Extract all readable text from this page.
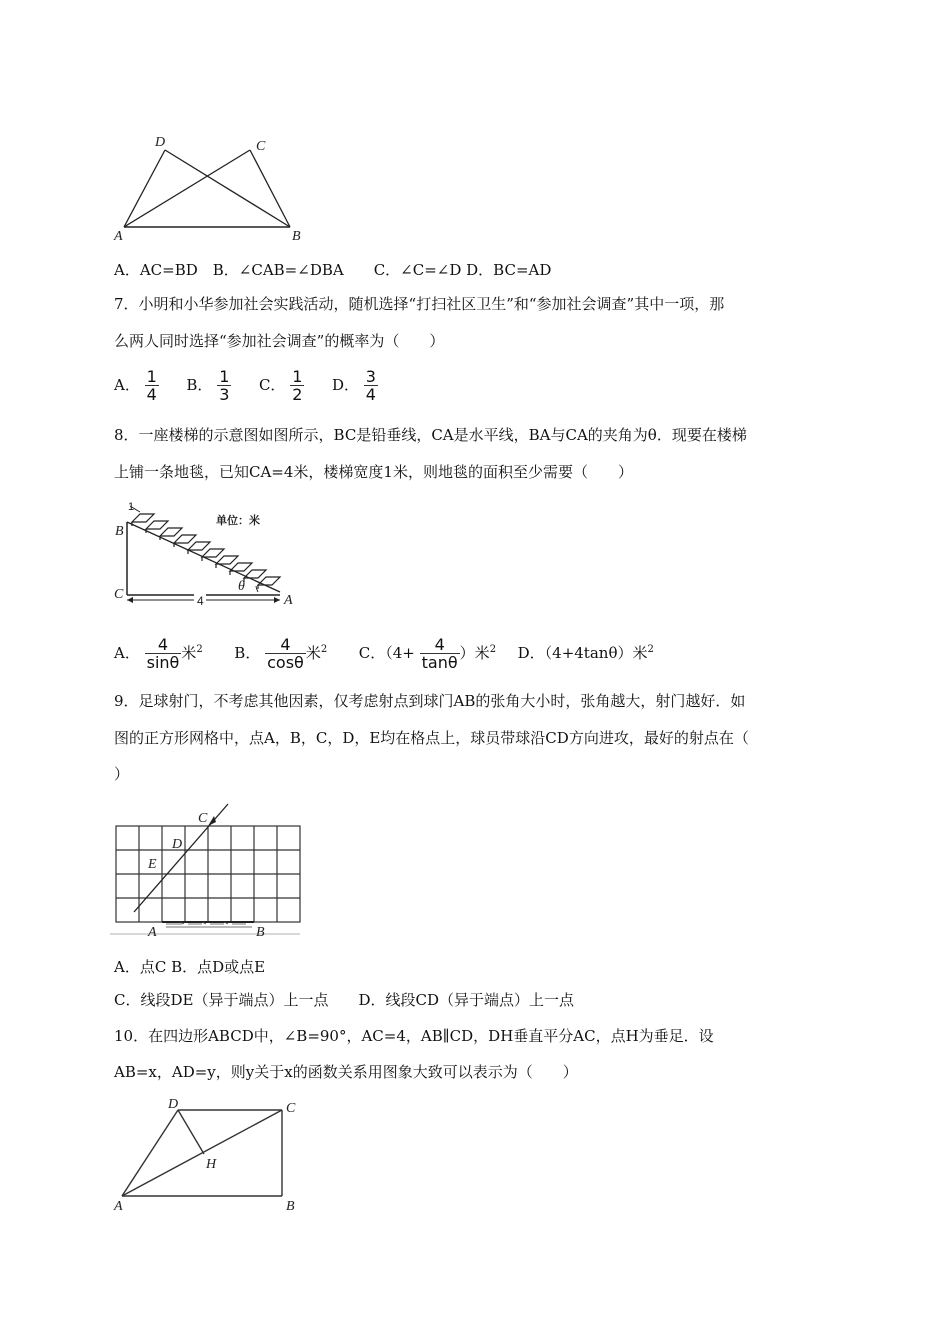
D	C
A	B
A．AC=BD　B．∠CAB=∠DBA　　C．∠C=∠D D．BC=AD
7．小明和小华参加社会实践活动，随机选择“打扫社区卫生”和“参加社会调查”其中一项，那
么两人同时选择“参加社会调查”的概率为（　　）
A． $\frac{1}{4}$ B． $\frac{1}{3}$ C． $\frac{1}{2}$ D． $\frac{3}{4}$
8．一座楼梯的示意图如图所示，BC是铅垂线，CA是水平线，BA与CA的夹角为θ．现要在楼梯
上铺一条地毯，已知CA=4米，楼梯宽度1米，则地毯的面积至少需要（　　）
1
单位：米
θ
4
B
C	A
A． $\frac{4}{\sin\theta}$ 米$^2$ B． $\frac{4}{\cos\theta}$ 米$^2$ C．（$4+ \frac{4}{\tan\theta}$ ）米$^2$ D．（4+4tanθ）米$^2$
9．足球射门，不考虑其他因素，仅考虑射点到球门AB的张角大小时，张角越大，射门越好．如
图的正方形网格中，点A，B，C，D，E均在格点上，球员带球沿CD方向进攻，最好的射点在（
）
C
D
E
A	B
A．点C B．点D或点E
C．线段DE（异于端点）上一点　　D．线段CD（异于端点）上一点
10．在四边形ABCD中，∠B=90°，AC=4，AB∥CD，DH垂直平分AC，点H为垂足．设
AB=x，AD=y，则y关于x的函数关系用图象大致可以表示为（　　）
D	C
H
A	B
